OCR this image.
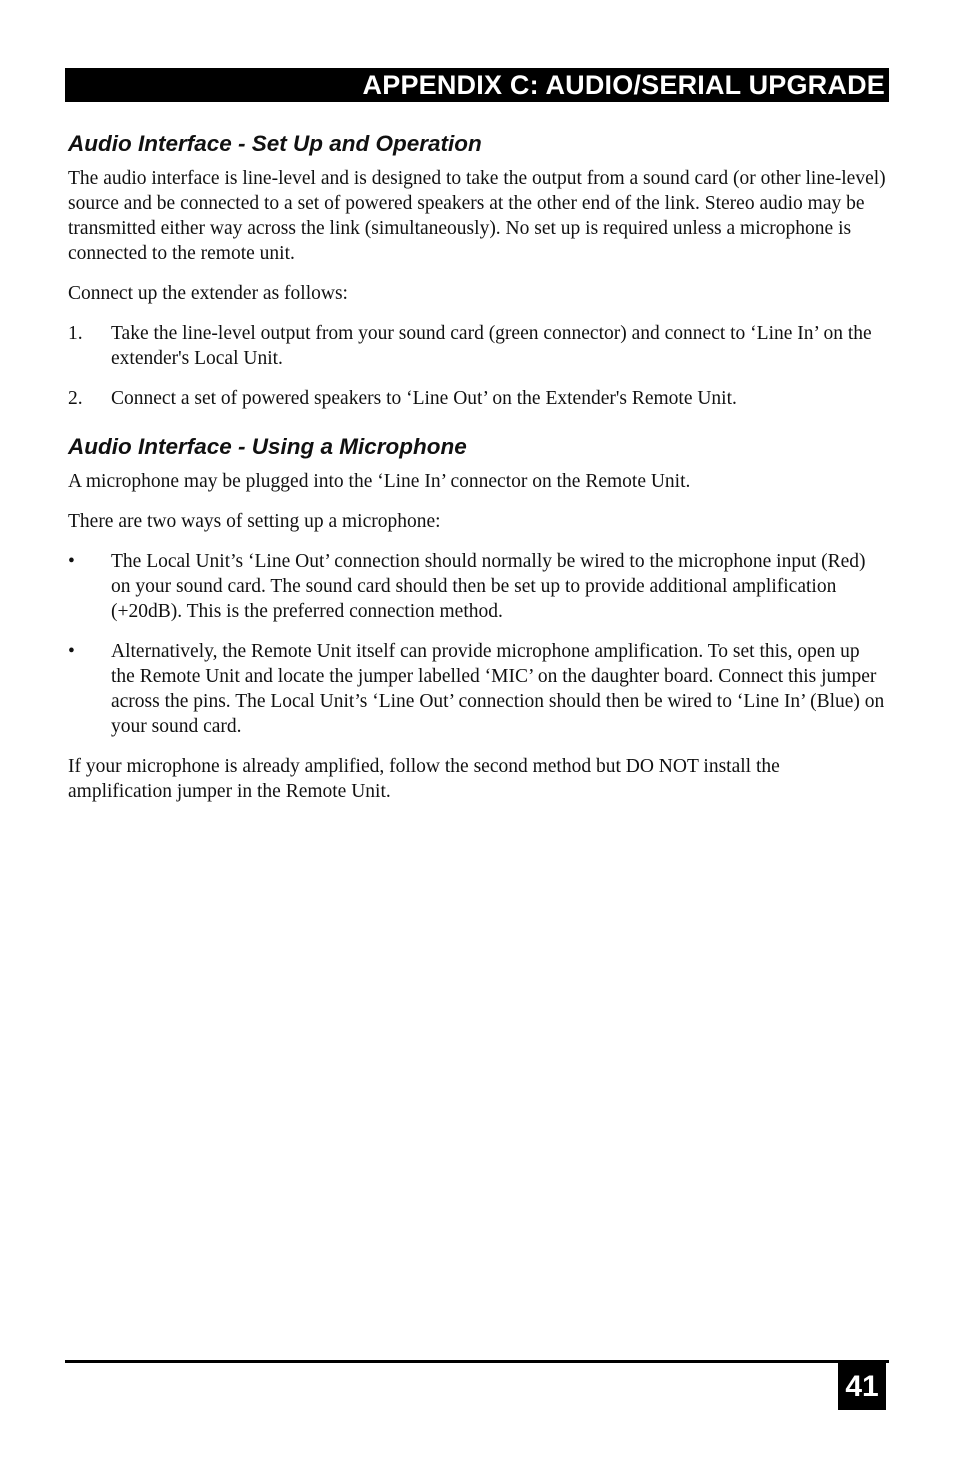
APPENDIX C: AUDIO/SERIAL UPGRADE
Audio Interface - Set Up and Operation

The audio interface is line-level and is designed to take the output from a sound card (or other line-level) source and be connected to a set of powered speakers at the other end of the link. Stereo audio may be transmitted either way across the link (simultaneously). No set up is required unless a microphone is connected to the remote unit.

Connect up the extender as follows:

1. Take the line-level output from your sound card (green connector) and connect to ‘Line In’ on the extender's Local Unit.
2. Connect a set of powered speakers to ‘Line Out’ on the Extender's Remote Unit.
Audio Interface - Using a Microphone

A microphone may be plugged into the ‘Line In’ connector on the Remote Unit.

There are two ways of setting up a microphone:

• The Local Unit’s ‘Line Out’ connection should normally be wired to the microphone input (Red) on your sound card. The sound card should then be set up to provide additional amplification (+20dB). This is the preferred connection method.
• Alternatively, the Remote Unit itself can provide microphone amplification. To set this, open up the Remote Unit and locate the jumper labelled ‘MIC’ on the daughter board. Connect this jumper across the pins. The Local Unit’s ‘Line Out’ connection should then be wired to ‘Line In’ (Blue) on your sound card.

If your microphone is already amplified, follow the second method but DO NOT install the amplification jumper in the Remote Unit.

41
